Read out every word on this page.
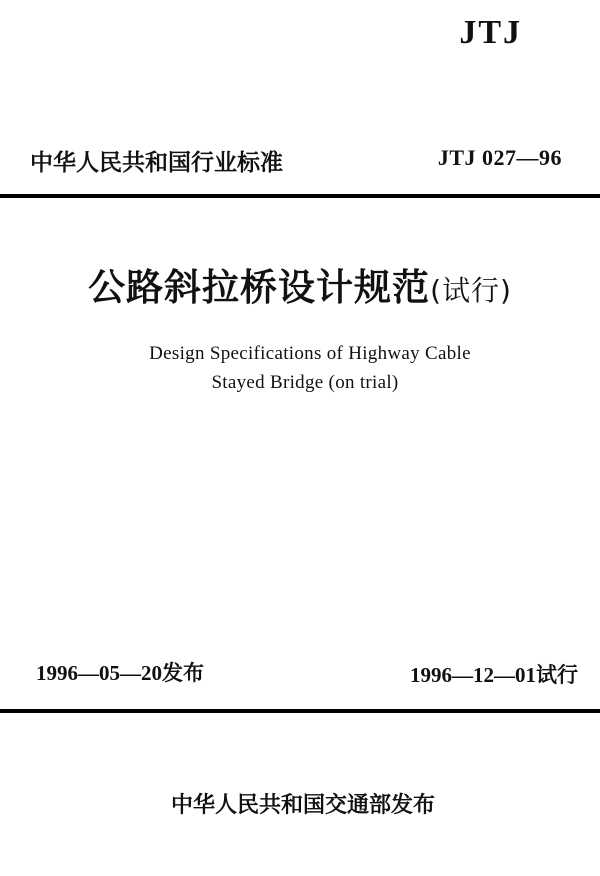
JTJ
中华人民共和国行业标准	JTJ 027—96
公路斜拉桥设计规范(试行)
Design Specifications of Highway Cable
Stayed Bridge (on trial)
1996—05—20发布	1996—12—01试行
中华人民共和国交通部发布
